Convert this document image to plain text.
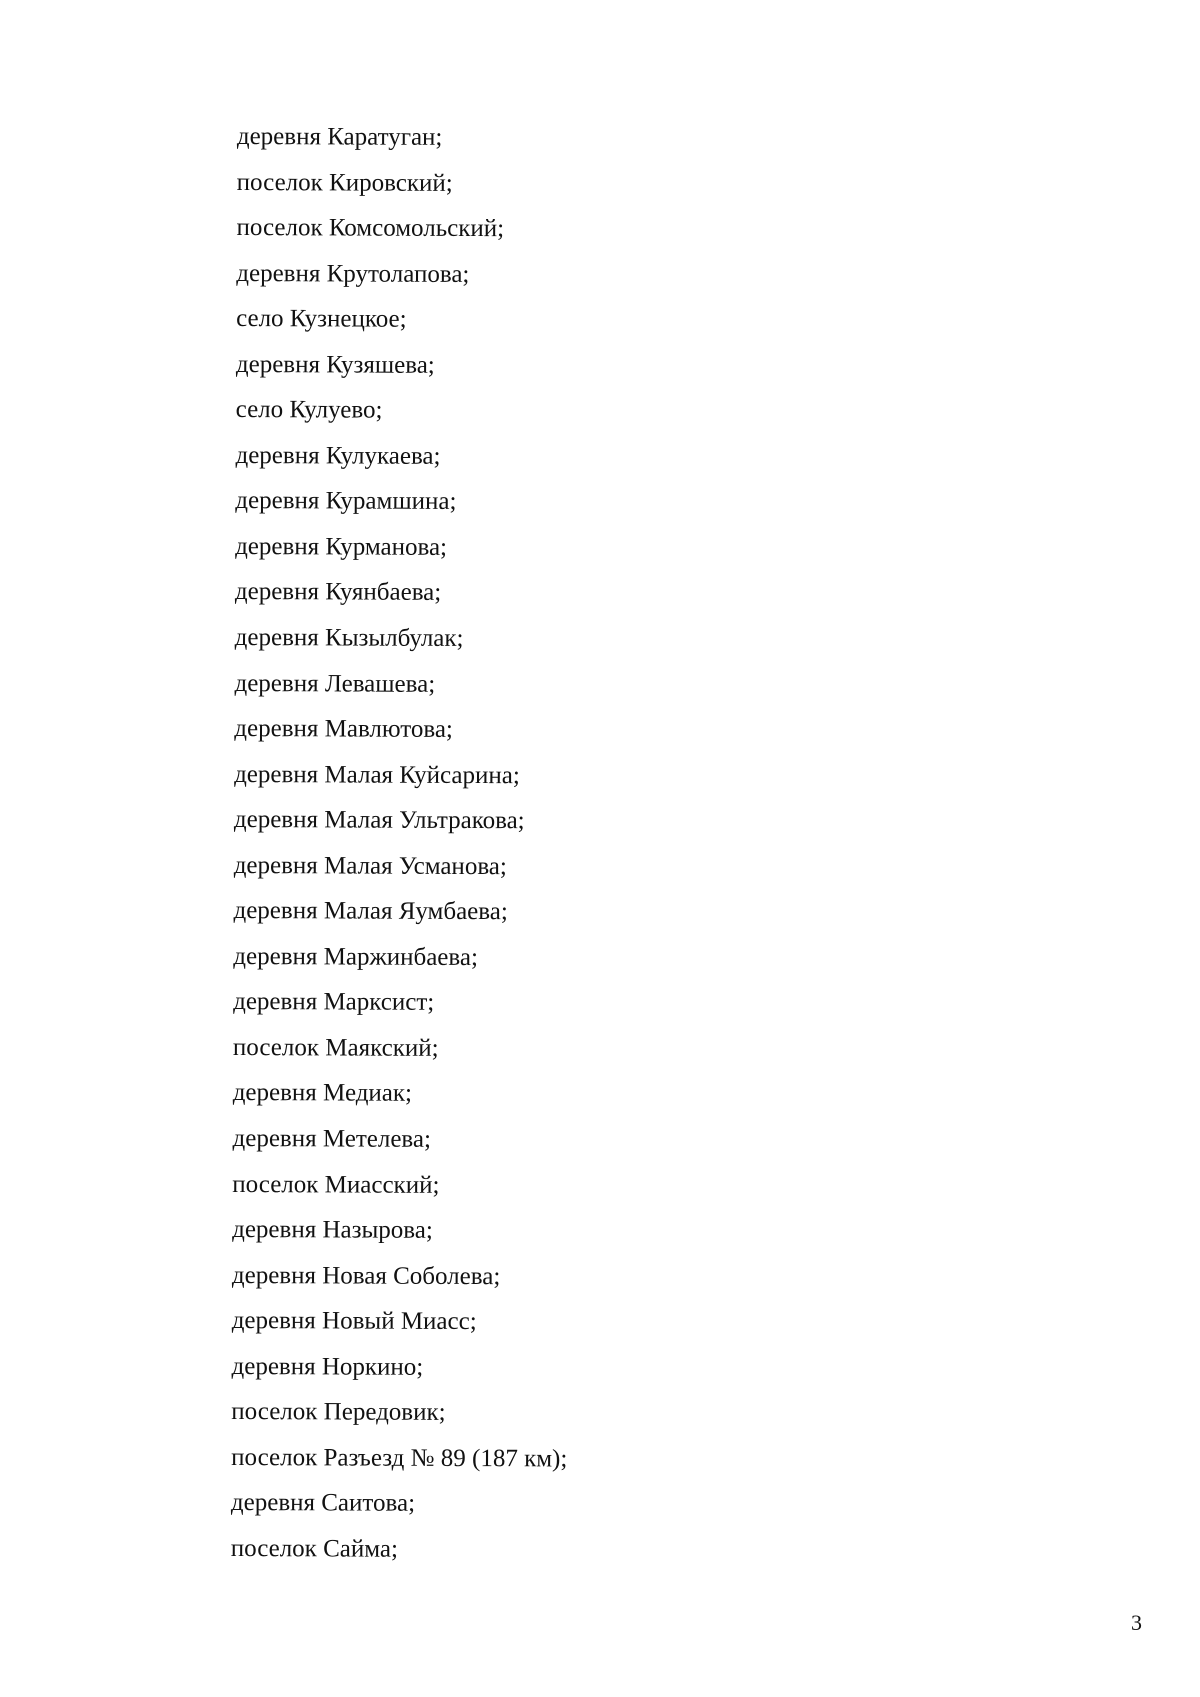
деревня Каратуган;
поселок Кировский;
поселок Комсомольский;
деревня Крутолапова;
село Кузнецкое;
деревня Кузяшева;
село Кулуево;
деревня Кулукаева;
деревня Курамшина;
деревня Курманова;
деревня Куянбаева;
деревня Кызылбулак;
деревня Левашева;
деревня Мавлютова;
деревня Малая Куйсарина;
деревня Малая Ультракова;
деревня Малая Усманова;
деревня Малая Яумбаева;
деревня Маржинбаева;
деревня Марксист;
поселок Маякский;
деревня Медиак;
деревня Метелева;
поселок Миасский;
деревня Назырова;
деревня Новая Соболева;
деревня Новый Миасс;
деревня Норкино;
поселок Передовик;
поселок Разъезд № 89 (187 км);
деревня Саитова;
поселок Сайма;
3
